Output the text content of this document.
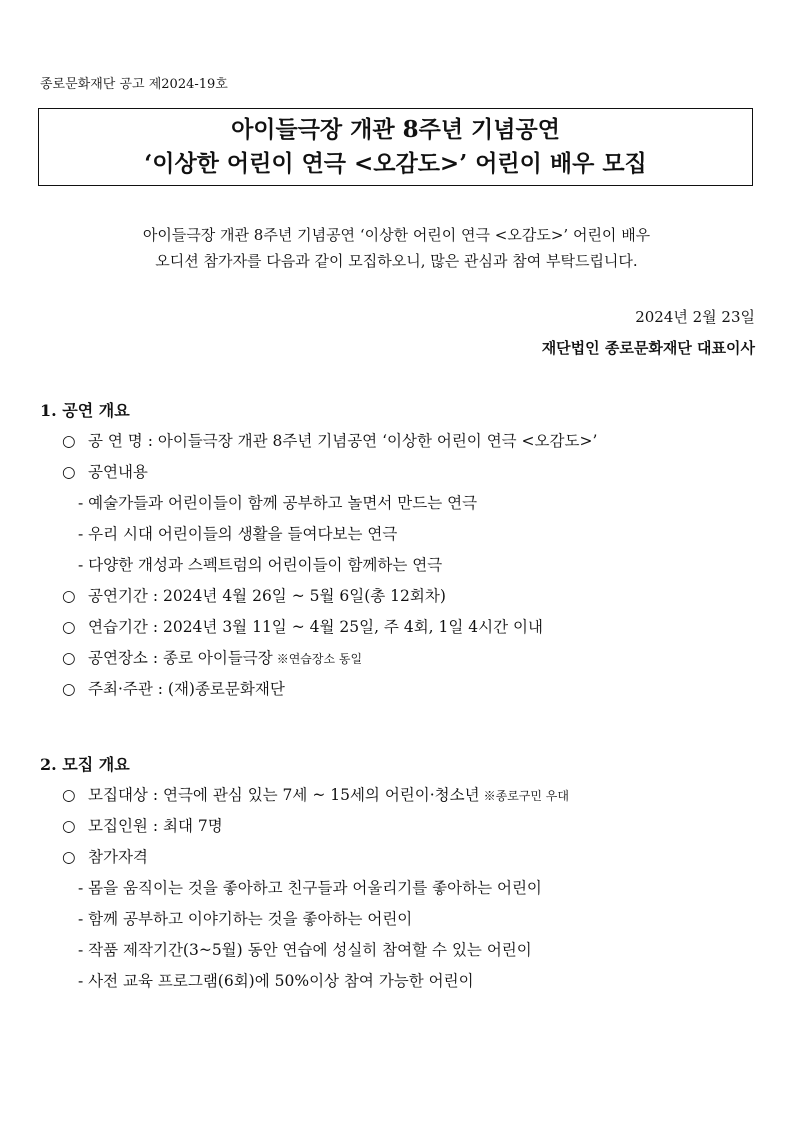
종로문화재단 공고 제2024-19호
아이들극장 개관 8주년 기념공연
‘이상한 어린이 연극 <오감도>’ 어린이 배우 모집
아이들극장 개관 8주년 기념공연 ‘이상한 어린이 연극 <오감도>’ 어린이 배우
오디션 참가자를 다음과 같이 모집하오니, 많은 관심과 참여 부탁드립니다.
2024년 2월 23일
재단법인 종로문화재단 대표이사
1. 공연 개요
○ 공 연 명 : 아이들극장 개관 8주년 기념공연 ‘이상한 어린이 연극 <오감도>’
○ 공연내용
- 예술가들과 어린이들이 함께 공부하고 놀면서 만드는 연극
- 우리 시대 어린이들의 생활을 들여다보는 연극
- 다양한 개성과 스펙트럼의 어린이들이 함께하는 연극
○ 공연기간 : 2024년 4월 26일 ~ 5월 6일(총 12회차)
○ 연습기간 : 2024년 3월 11일 ~ 4월 25일, 주 4회, 1일 4시간 이내
○ 공연장소 : 종로 아이들극장 ※연습장소 동일
○ 주최·주관 : (재)종로문화재단
2. 모집 개요
○ 모집대상 : 연극에 관심 있는 7세 ~ 15세의 어린이·청소년 ※종로구민 우대
○ 모집인원 : 최대 7명
○ 참가자격
- 몸을 움직이는 것을 좋아하고 친구들과 어울리기를 좋아하는 어린이
- 함께 공부하고 이야기하는 것을 좋아하는 어린이
- 작품 제작기간(3~5월) 동안 연습에 성실히 참여할 수 있는 어린이
- 사전 교육 프로그램(6회)에 50%이상 참여 가능한 어린이
